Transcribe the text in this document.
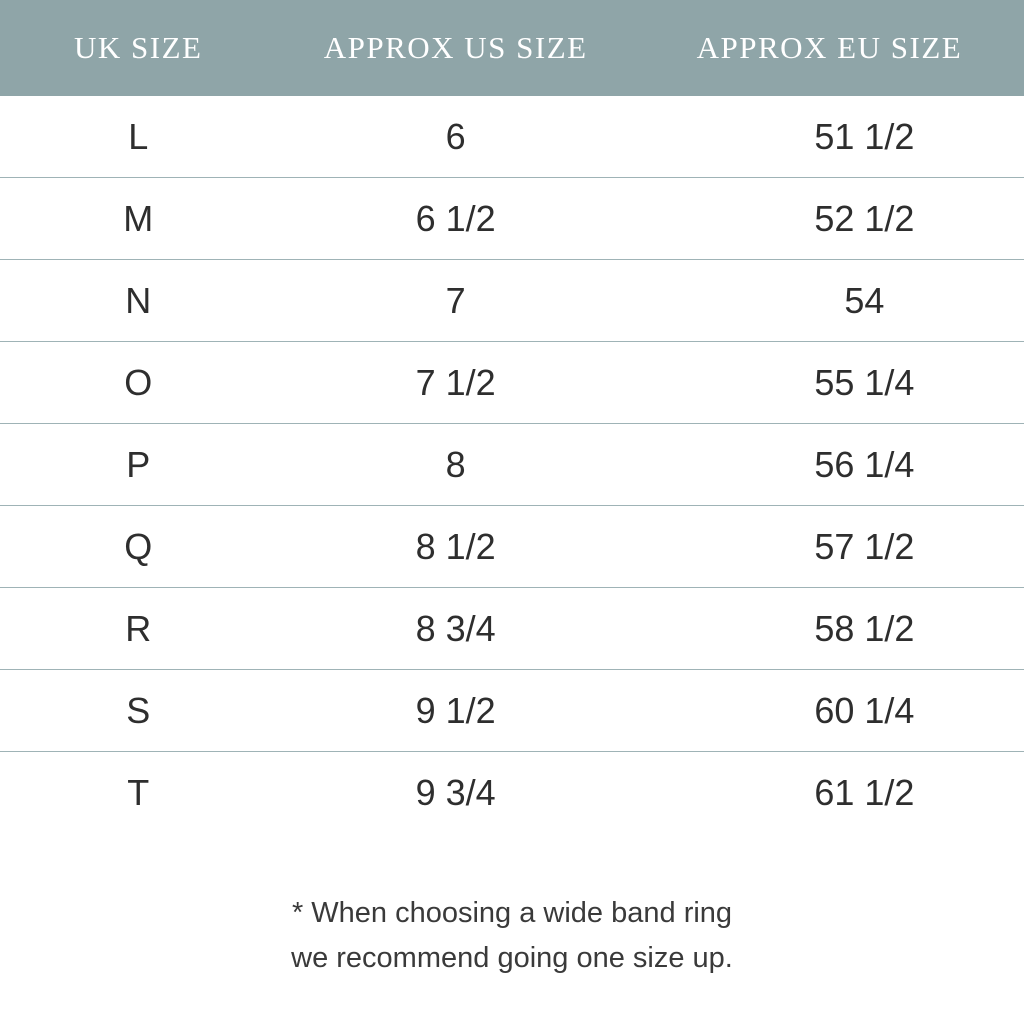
UK SIZE	APPROX US SIZE	APPROX EU SIZE
L	6	51 1/2
M	6 1/2	52 1/2
N	7	54
O	7 1/2	55 1/4
P	8	56 1/4
Q	8 1/2	57 1/2
R	8 3/4	58 1/2
S	9 1/2	60 1/4
T	9 3/4	61 1/2
* When choosing a wide band ring
we recommend going one size up.
